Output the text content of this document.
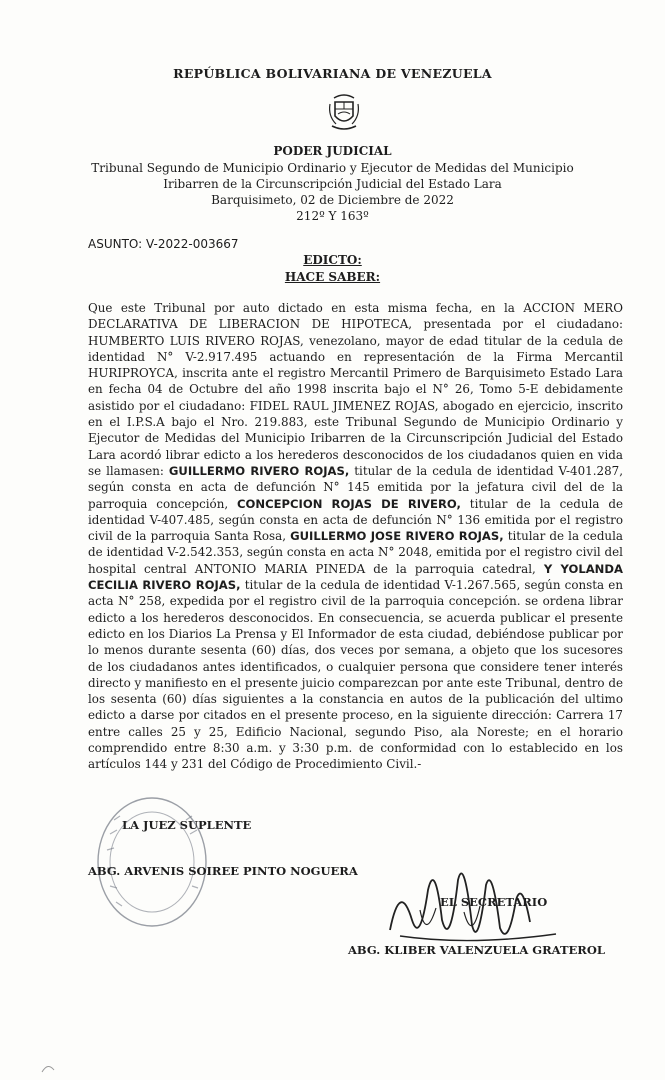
REPÚBLICA BOLIVARIANA DE VENEZUELA
PODER JUDICIAL
Tribunal Segundo de Municipio Ordinario y Ejecutor de Medidas del Municipio
Iribarren de la Circunscripción Judicial del Estado Lara
Barquisimeto, 02 de Diciembre de 2022
212º Y 163º
ASUNTO: V-2022-003667
EDICTO:
HACE SABER:
Que este Tribunal por auto dictado en esta misma fecha, en la ACCION MERO DECLARATIVA DE LIBERACION DE HIPOTECA, presentada por el ciudadano: HUMBERTO LUIS RIVERO ROJAS, venezolano, mayor de edad titular de la cedula de identidad N° V-2.917.495 actuando en representación de la Firma Mercantil HURIPROYCA, inscrita ante el registro Mercantil Primero de Barquisimeto Estado Lara en fecha 04 de Octubre del año 1998 inscrita bajo el N° 26, Tomo 5-E debidamente asistido por el ciudadano: FIDEL RAUL JIMENEZ ROJAS, abogado en ejercicio, inscrito en el I.P.S.A bajo el Nro. 219.883, este Tribunal Segundo de Municipio Ordinario y Ejecutor de Medidas del Municipio Iribarren de la Circunscripción Judicial del Estado Lara acordó librar edicto a los herederos desconocidos de los ciudadanos quien en vida se llamasen: GUILLERMO RIVERO ROJAS, titular de la cedula de identidad V-401.287, según consta en acta de defunción N° 145 emitida por la jefatura civil del de la parroquia concepción, CONCEPCION ROJAS DE RIVERO, titular de la cedula de identidad V-407.485, según consta en acta de defunción N° 136 emitida por el registro civil de la parroquia Santa Rosa, GUILLERMO JOSE RIVERO ROJAS, titular de la cedula de identidad V-2.542.353, según consta en acta N° 2048, emitida por el registro civil del hospital central ANTONIO MARIA PINEDA de la parroquia catedral, Y YOLANDA CECILIA RIVERO ROJAS, titular de la cedula de identidad V-1.267.565, según consta en acta N° 258, expedida por el registro civil de la parroquia concepción. se ordena librar edicto a los herederos desconocidos. En consecuencia, se acuerda publicar el presente edicto en los Diarios La Prensa y El Informador de esta ciudad, debiéndose publicar por lo menos durante sesenta (60) días, dos veces por semana, a objeto que los sucesores de los ciudadanos antes identificados, o cualquier persona que considere tener interés directo y manifiesto en el presente juicio comparezcan por ante este Tribunal, dentro de los sesenta (60) días siguientes a la constancia en autos de la publicación del ultimo edicto a darse por citados en el presente proceso, en la siguiente dirección: Carrera 17 entre calles 25 y 25, Edificio Nacional, segundo Piso, ala Noreste; en el horario comprendido entre 8:30 a.m. y 3:30 p.m. de conformidad con lo establecido en los artículos 144 y 231 del Código de Procedimiento Civil.-
LA JUEZ SUPLENTE
ABG. ARVENIS SOIREE PINTO NOGUERA
EL SECRETARIO
ABG. KLIBER VALENZUELA GRATEROL
